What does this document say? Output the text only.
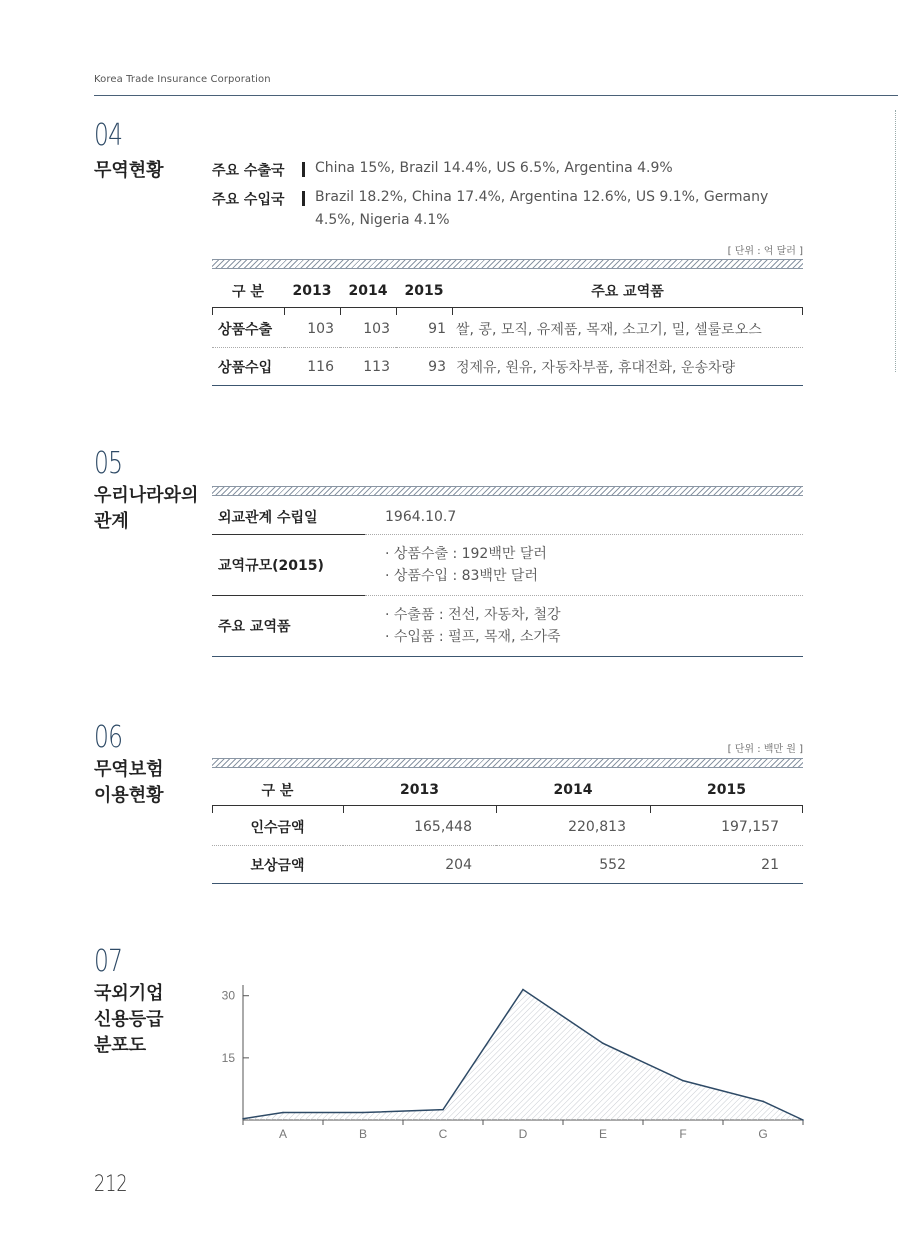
Korea Trade Insurance Corporation
04
무역현황	주요 수출국 China 15%, Brazil 14.4%, US 6.5%, Argentina 4.9%
주요 수입국 Brazil 18.2%, China 17.4%, Argentina 12.6%, US 9.1%, Germany
4.5%, Nigeria 4.1%
[ 단위 : 억 달러 ]
구 분	2013	2014	2015	주요 교역품
상품수출	103	103	91	쌀, 콩, 모직, 유제품, 목재, 소고기, 밀, 셀룰로오스
상품수입	116	113	93	정제유, 원유, 자동차부품, 휴대전화, 운송차량
05
우리나라와의
관계	외교관계 수립일	1964.10.7

교역규모(2015)	· 상품수출 : 192백만 달러
· 상품수입 : 83백만 달러

주요 교역품	· 수출품 : 전선, 자동차, 철강
· 수입품 : 펄프, 목재, 소가죽
06
무역보험
이용현황
[ 단위 : 백만 원 ]
구 분	2013	2014	2015
인수금액	165,448	220,813	197,157
보상금액	204	552	21
07
국외기업
신용등급
분포도
15
30
A	B	C	D	E	F	G
212
